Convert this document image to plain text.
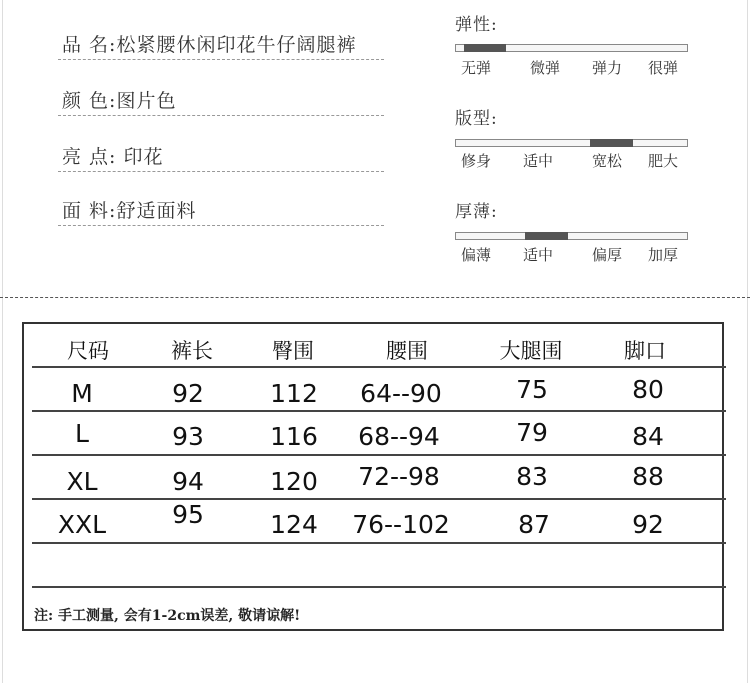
品 名:松紧腰休闲印花牛仔阔腿裤
颜 色:图片色
亮 点: 印花
面 料:舒适面料
弹性:
无弹	微弹 弹力 很弹
版型:
修身 适中	宽松 肥大
厚薄:
偏薄 适中	偏厚 加厚
尺码	裤长	臀围	腰围	大腿围	脚口
M	92	112 64--90	75	80
L	93	116 68--94	79	84
XL	94	120 72--98	83	88
XXL	95	124 76--102	87	92
注: 手工测量, 会有1-2cm误差, 敬请谅解!
